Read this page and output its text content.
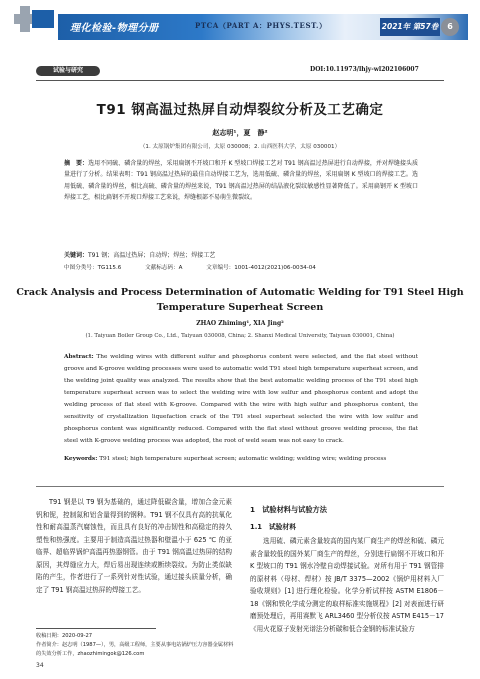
理化检验-物理分册	PTCA（PART A：PHYS.TEST.）	2021年 第57卷	6
试验与研究	DOI:10.11973/lhjy-wl202106007
T91 钢高温过热屏自动焊裂纹分析及工艺确定
赵志明¹，夏　静²
（1. 太原锅炉集团有限公司，太原 030008；2. 山西医科大学，太原 030001）
摘　要：选用不同硫、磷含量的焊丝，采用扁钢不开坡口和开 K 型坡口焊接工艺对 T91 钢高温过热屏进行自动焊接，并对焊缝接头质量进行了分析。结果表明：T91 钢高温过热屏的最佳自动焊接工艺为，选用低硫、磷含量的焊丝，采用扁钢 K 型坡口的焊接工艺。选用低硫、磷含量的焊丝，相比高硫、磷含量的焊丝来说，T91 钢高温过热屏的结晶液化裂纹敏感性显著降低了。采用扁钢开 K 型坡口焊接工艺，相比扁钢不开坡口焊接工艺来说，焊缝根部不易萌生微裂纹。
关键词：T91 钢；高温过热屏；自动焊；焊丝；焊接工艺
中图分类号：TG115.6	文献标志码：A	文章编号：1001-4012(2021)06-0034-04
Crack Analysis and Process Determination of Automatic Welding for T91 Steel High Temperature Superheat Screen
ZHAO Zhiming¹, XIA Jing²
(1. Taiyuan Boiler Group Co., Ltd., Taiyuan 030008, China; 2. Shanxi Medical University, Taiyuan 030001, China)
Abstract: The welding wires with different sulfur and phosphorus content were selected, and the flat steel without groove and K-groove welding processes were used to automatic weld T91 steel high temperature superheat screen, and the welding joint quality was analyzed. The results show that the best automatic welding process of the T91 steel high temperature superheat screen was to select the welding wire with low sulfur and phosphorus content and adopt the welding process of flat steel with K-groove. Compared with the wire with high sulfur and phosphorus content, the sensitivity of crystallization liquefaction crack of the T91 steel superheat selected the wire with low sulfur and phosphorus content was significantly reduced. Compared with the flat steel without groove welding process, the flat steel with K-groove welding process was adopted, the root of weld seam was not easy to crack.
Keywords: T91 steel; high temperature superheat screen; automatic welding; welding wire; welding process
T91 钢是以 T9 钢为基础的，通过降低碳含量，增加合金元素钒和铌，控制氮和铝含量得到的钢种。T91 钢不仅具有高的抗氧化性和耐高温蒸汽腐蚀性，而且具有良好的冲击韧性和高稳定的持久塑性和热强度。主要用于制造高温过热器和壁温小于 625 ℃ 的亚临界、超临界锅炉高温再热器钢管。由于 T91 钢高温过热屏的结构原因，其焊缝应力大，焊后易出现连续或断续裂纹。为防止类似缺陷的产生，作者进行了一系列针对性试验，通过接头质量分析，确定了 T91 钢高温过热屏的焊接工艺。
1　试验材料与试验方法
1.1　试验材料

选用硫、磷元素含量较高的国内某厂商生产的焊丝和硫、磷元素含量较低的国外某厂商生产的焊丝，分别进行扁钢不开坡口和开 K 型坡口的 T91 钢水冷壁自动焊接试验。对所有用于 T91 钢管排的原材料（母材、焊材）按 JB/T 3375—2002《锅炉用材料入厂验收规则》[1] 进行理化检验。化学分析试样按 ASTM E1806－18《钢和铁化学成分测定的取样标准实施规程》[2] 对表面进行研磨预处理后，再用赛默飞 ARL3460 型分析仪按 ASTM E415－17《用火花原子发射光谱法分析碳和低合金钢的标准试验方

收稿日期：2020-09-27
作者简介：赵志明（1987—），男，高级工程师，主要从事电站锅炉压力容器金属材料的失效分析工作，zhaozhimingok@126.com
34
